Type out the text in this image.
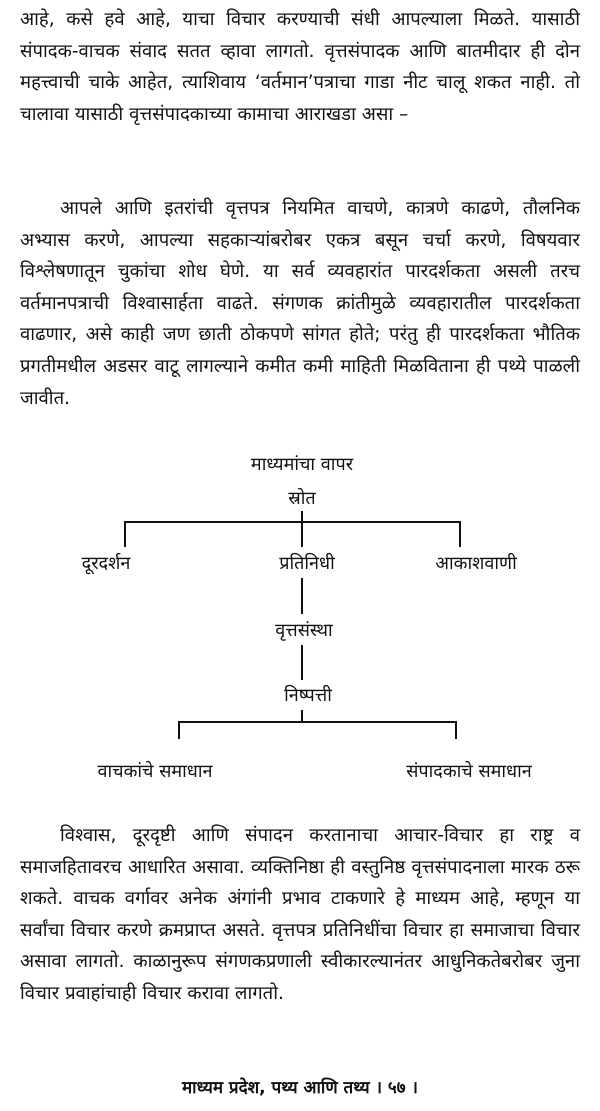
आहे, कसे हवे आहे, याचा विचार करण्याची संधी आपल्याला मिळते. यासाठी संपादक-वाचक संवाद सतत व्हावा लागतो. वृत्तसंपादक आणि बातमीदार ही दोन महत्त्वाची चाके आहेत, त्याशिवाय ‘वर्तमान’पत्राचा गाडा नीट चालू शकत नाही. तो चालावा यासाठी वृत्तसंपादकाच्या कामाचा आराखडा असा –

आपले आणि इतरांची वृत्तपत्र नियमित वाचणे, कात्रणे काढणे, तौलनिक अभ्यास करणे, आपल्या सहकाऱ्यांबरोबर एकत्र बसून चर्चा करणे, विषयवार विश्लेषणातून चुकांचा शोध घेणे. या सर्व व्यवहारांत पारदर्शकता असली तरच वर्तमानपत्राची विश्वासार्हता वाढते. संगणक क्रांतीमुळे व्यवहारातील पारदर्शकता वाढणार, असे काही जण छाती ठोकपणे सांगत होते; परंतु ही पारदर्शकता भौतिक प्रगतीमधील अडसर वाटू लागल्याने कमीत कमी माहिती मिळविताना ही पथ्ये पाळली जावीत.

माध्यमांचा वापर
स्रोत
दूरदर्शन	प्रतिनिधी	आकाशवाणी
वृत्तसंस्था
निष्पत्ती
वाचकांचे समाधान	संपादकाचे समाधान

विश्वास, दूरदृष्टी आणि संपादन करतानाचा आचार-विचार हा राष्ट्र व समाजहितावरच आधारित असावा. व्यक्तिनिष्ठा ही वस्तुनिष्ठ वृत्तसंपादनाला मारक ठरू शकते. वाचक वर्गावर अनेक अंगांनी प्रभाव टाकणारे हे माध्यम आहे, म्हणून या सर्वांचा विचार करणे क्रमप्राप्त असते. वृत्तपत्र प्रतिनिधींचा विचार हा समाजाचा विचार असावा लागतो. काळानुरूप संगणकप्रणाली स्वीकारल्यानंतर आधुनिकतेबरोबर जुना विचार प्रवाहांचाही विचार करावा लागतो.

माध्यम प्रदेश, पथ्य आणि तथ्य । ५७ ।
